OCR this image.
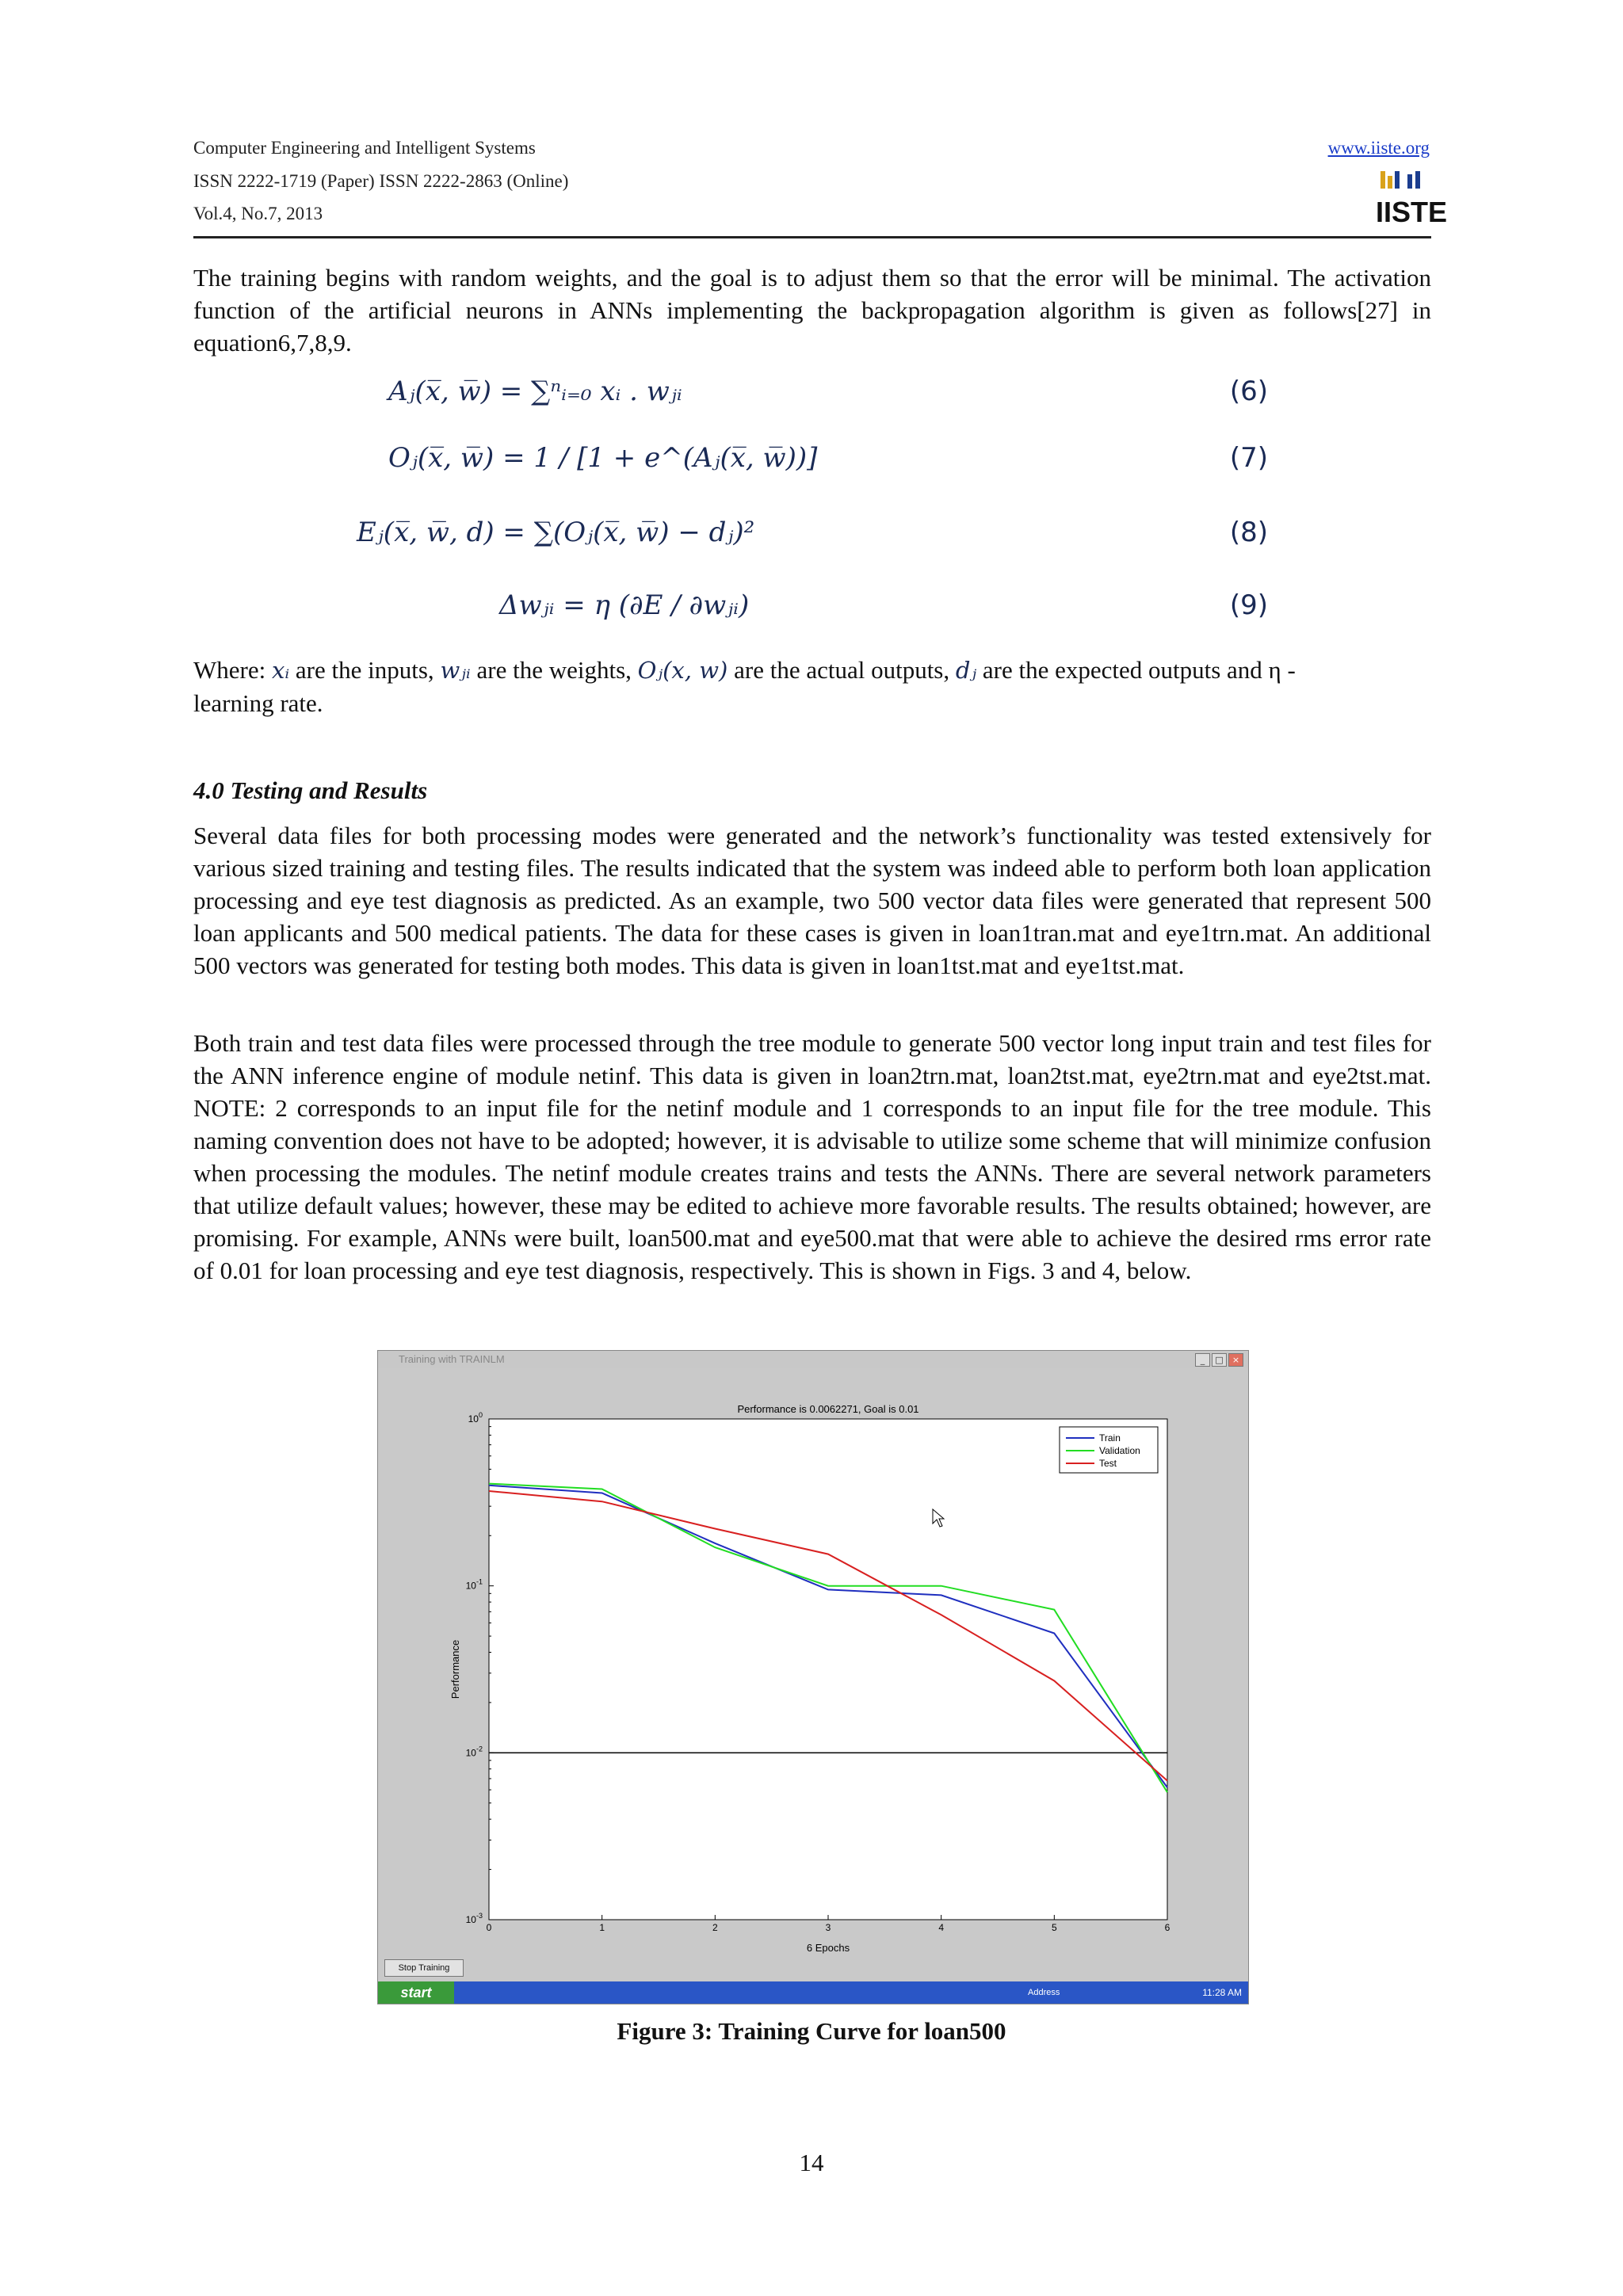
Computer Engineering and Intelligent Systems
ISSN 2222-1719 (Paper) ISSN 2222-2863 (Online)
Vol.4, No.7, 2013
www.iiste.org
IISTE
The training begins with random weights, and the goal is to adjust them so that the error will be minimal. The activation function of the artificial neurons in ANNs implementing the backpropagation algorithm is given as follows[27] in equation6,7,8,9.
Aⱼ(x̅, w̅) = ∑ⁿᵢ₌₀ xᵢ . wⱼᵢ	(6)
Oⱼ(x̅, w̅) = 1 / [1 + e^(Aⱼ(x̅, w̅))]	(7)
Eⱼ(x̅, w̅, d) = ∑(Oⱼ(x̅, w̅) − dⱼ)²	(8)
Δwⱼᵢ = η (∂E / ∂wⱼᵢ)	(9)
Where: xᵢ are the inputs, wⱼᵢ are the weights, Oⱼ(x, w) are the actual outputs, dⱼ are the expected outputs and η -
learning rate.
4.0 Testing and Results
Several data files for both processing modes were generated and the network’s functionality was tested extensively for various sized training and testing files. The results indicated that the system was indeed able to perform both loan application processing and eye test diagnosis as predicted. As an example, two 500 vector data files were generated that represent 500 loan applicants and 500 medical patients. The data for these cases is given in loan1tran.mat and eye1trn.mat. An additional 500 vectors was generated for testing both modes. This data is given in loan1tst.mat and eye1tst.mat.
Both train and test data files were processed through the tree module to generate 500 vector long input train and test files for the ANN inference engine of module netinf. This data is given in loan2trn.mat, loan2tst.mat, eye2trn.mat and eye2tst.mat. NOTE: 2 corresponds to an input file for the netinf module and 1 corresponds to an input file for the tree module. This naming convention does not have to be adopted; however, it is advisable to utilize some scheme that will minimize confusion when processing the modules. The netinf module creates trains and tests the ANNs. There are several network parameters that utilize default values; however, these may be edited to achieve more favorable results. The results obtained; however, are promising. For example, ANNs were built, loan500.mat and eye500.mat that were able to achieve the desired rms error rate of 0.01 for loan processing and eye test diagnosis, respectively. This is shown in Figs. 3 and 4, below.
Training with TRAINLM	_	□	×
Performance is 0.0062271, Goal is 0.01
6 Epochs
Performance
0	1	2	3	4	5	6
$10^0$
$10^{-1}$
$10^{-2}$
$10^{-3}$
Train
Validation
Test
Stop Training
start	Address	11:28 AM
Figure 3: Training Curve for loan500
14
